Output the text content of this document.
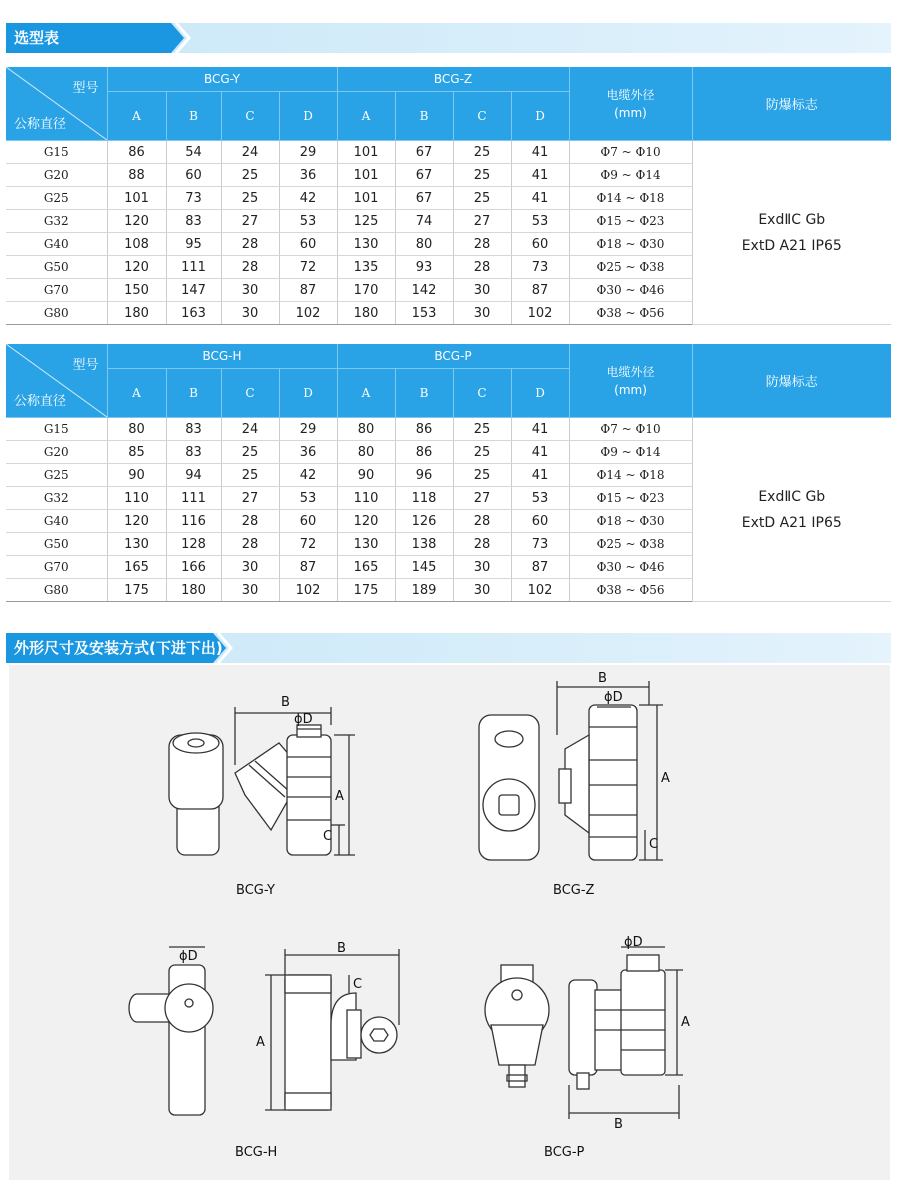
选型表
型号
公称直径	BCG-Y				BCG-Z				电缆外径
(mm)	防爆标志
	A	B	C	D	A	B	C	D		
G15	86	54	24	29	101	67	25	41	Φ7 ~ Φ10	ExdⅡC Gb
ExtD A21 IP65

G20	88	60	25	36	101	67	25	41	Φ9 ~ Φ14	
G25	101	73	25	42	101	67	25	41	Φ14 ~ Φ18	
G32	120	83	27	53	125	74	27	53	Φ15 ~ Φ23	
G40	108	95	28	60	130	80	28	60	Φ18 ~ Φ30	
G50	120	111	28	72	135	93	28	73	Φ25 ~ Φ38	
G70	150	147	30	87	170	142	30	87	Φ30 ~ Φ46	
G80	180	163	30	102	180	153	30	102	Φ38 ~ Φ56	
型号
公称直径	BCG-H				BCG-P				电缆外径
(mm)	防爆标志
	A	B	C	D	A	B	C	D		
G15	80	83	24	29	80	86	25	41	Φ7 ~ Φ10	ExdⅡC Gb
ExtD A21 IP65

G20	85	83	25	36	80	86	25	41	Φ9 ~ Φ14	
G25	90	94	25	42	90	96	25	41	Φ14 ~ Φ18	
G32	110	111	27	53	110	118	27	53	Φ15 ~ Φ23	
G40	120	116	28	60	120	126	28	60	Φ18 ~ Φ30	
G50	130	128	28	72	130	138	28	73	Φ25 ~ Φ38	
G70	165	166	30	87	165	145	30	87	Φ30 ~ Φ46	
G80	175	180	30	102	175	189	30	102	Φ38 ~ Φ56	
外形尺寸及安装方式(下进下出)
B
ϕD
A
C
B
ϕD
A
C
ϕD
B
A
C
ϕD
A
B
BCG-Y	BCG-Z
BCG-H	BCG-P
